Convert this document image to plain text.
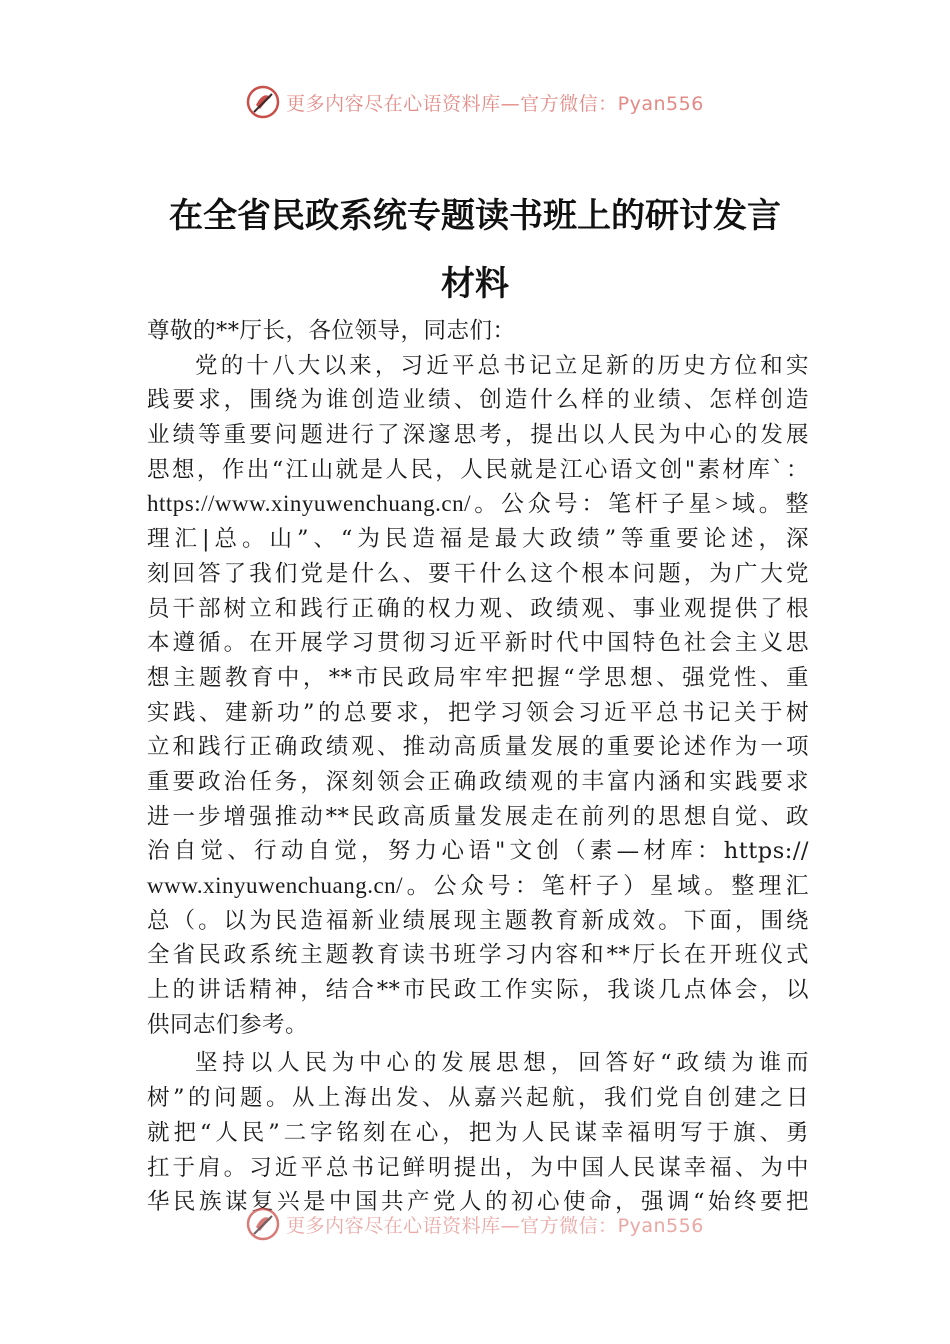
更多内容尽在心语资料库—官方微信：Pyan556
在全省民政系统专题读书班上的研讨发言
材料
尊敬的**厅长，各位领导，同志们：
党的十八大以来，习近平总书记立足新的历史方位和实
践要求，围绕为谁创造业绩、创造什么样的业绩、怎样创造
业绩等重要问题进行了深邃思考，提出以人民为中心的发展
思想，作出“江山就是人民，人民就是江心语文创"素材库`：
https://www.xinyuwenchuang.cn/。公众号：笔杆子星>域。整
理汇|总。山”、“为民造福是最大政绩”等重要论述，深
刻回答了我们党是什么、要干什么这个根本问题，为广大党
员干部树立和践行正确的权力观、政绩观、事业观提供了根
本遵循。在开展学习贯彻习近平新时代中国特色社会主义思
想主题教育中，**市民政局牢牢把握“学思想、强党性、重
实践、建新功”的总要求，把学习领会习近平总书记关于树
立和践行正确政绩观、推动高质量发展的重要论述作为一项
重要政治任务，深刻领会正确政绩观的丰富内涵和实践要求
进一步增强推动**民政高质量发展走在前列的思想自觉、政
治自觉、行动自觉，努力心语"文创（素—材库：https://
www.xinyuwenchuang.cn/。公众号：笔杆子）星域。整理汇
总（。以为民造福新业绩展现主题教育新成效。下面，围绕
全省民政系统主题教育读书班学习内容和**厅长在开班仪式
上的讲话精神，结合**市民政工作实际，我谈几点体会，以
供同志们参考。
坚持以人民为中心的发展思想，回答好“政绩为谁而
树”的问题。从上海出发、从嘉兴起航，我们党自创建之日
就把“人民”二字铭刻在心，把为人民谋幸福明写于旗、勇
扛于肩。习近平总书记鲜明提出，为中国人民谋幸福、为中
华民族谋复兴是中国共产党人的初心使命，强调“始终要把
更多内容尽在心语资料库—官方微信：Pyan556
